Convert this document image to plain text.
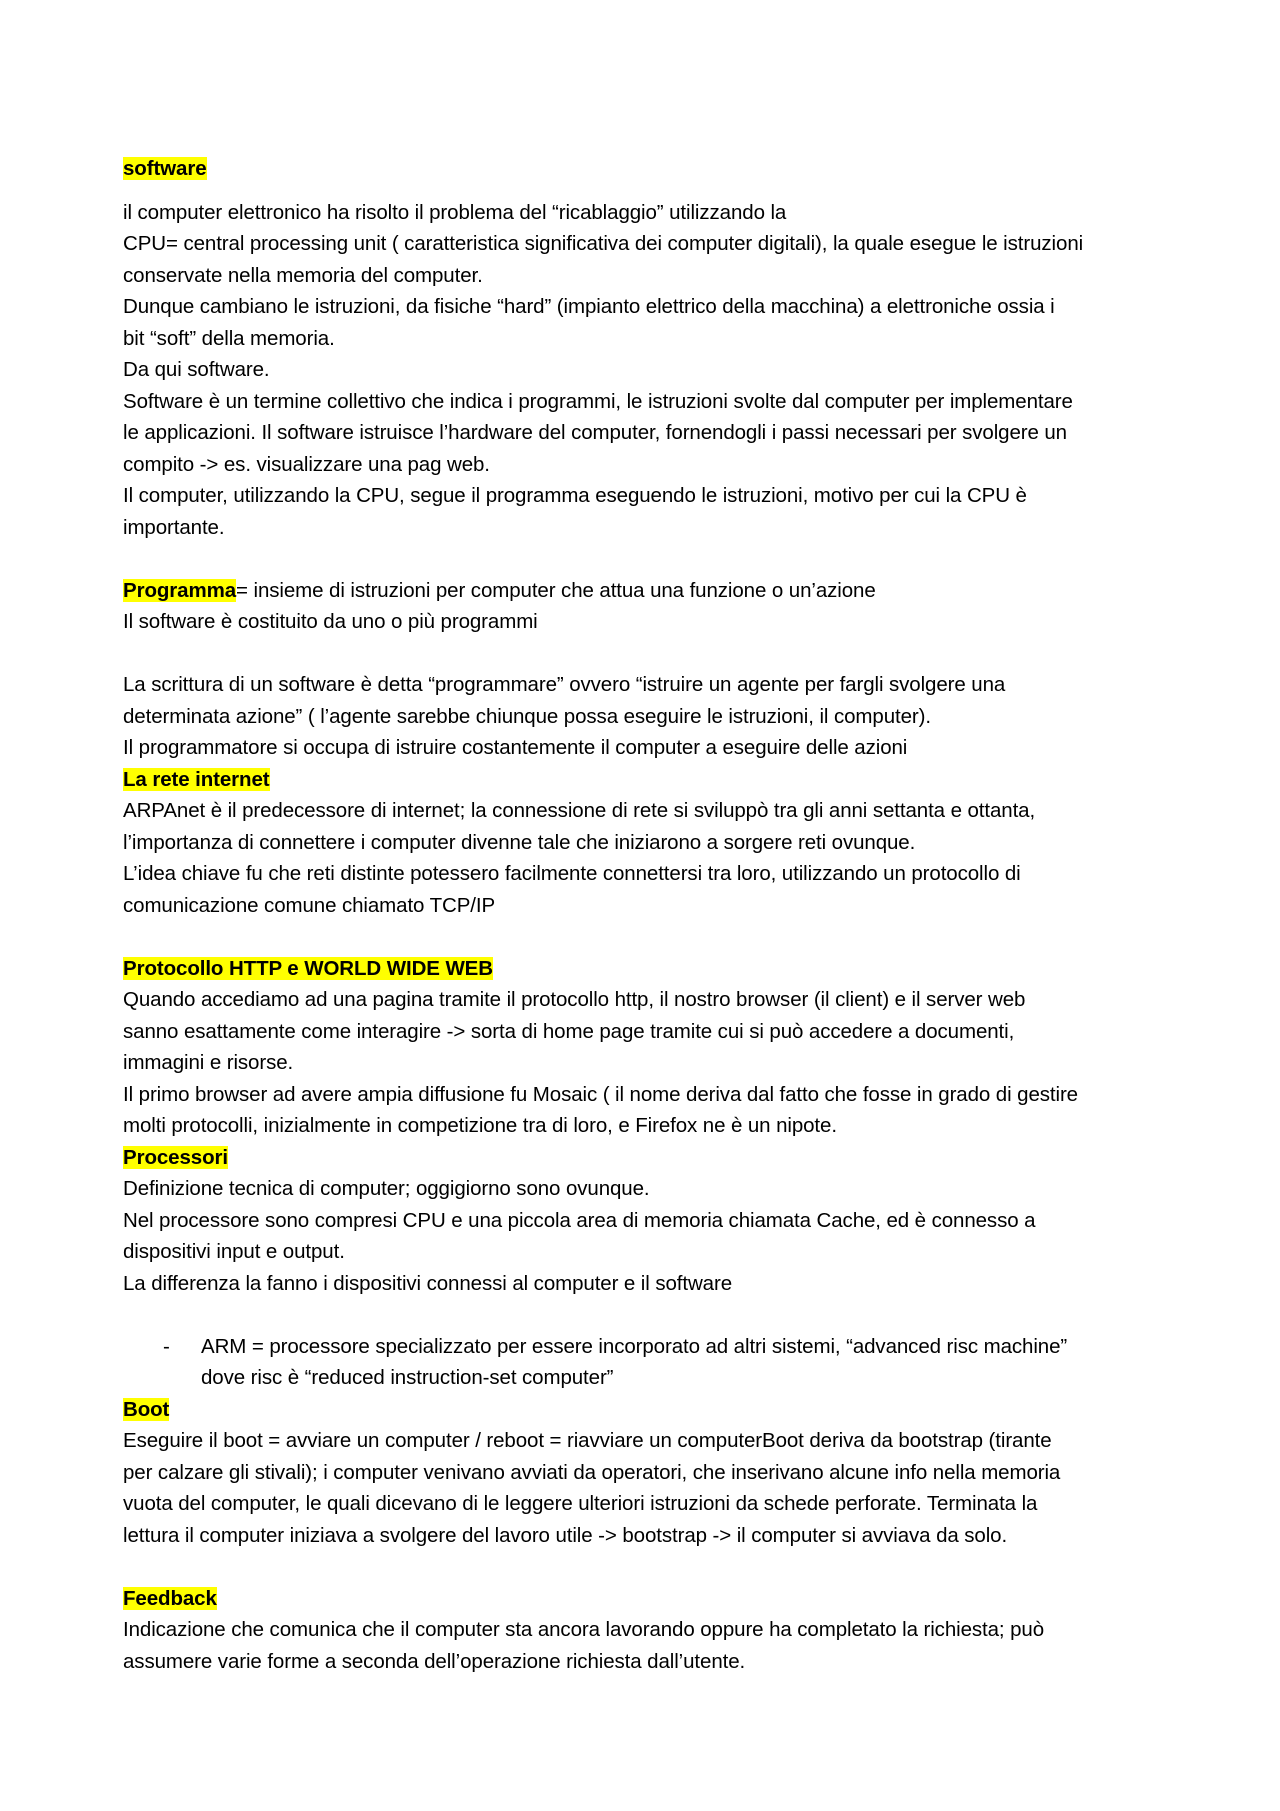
software
il computer elettronico ha risolto il problema del “ricablaggio” utilizzando la
CPU= central processing unit ( caratteristica significativa dei computer digitali), la quale esegue le istruzioni
conservate nella memoria del computer.
Dunque cambiano le istruzioni, da fisiche “hard” (impianto elettrico della macchina) a elettroniche ossia i
bit “soft” della memoria.
Da qui software.
Software è un termine collettivo che indica i programmi, le istruzioni svolte dal computer per implementare
le applicazioni. Il software istruisce l’hardware del computer, fornendogli i passi necessari per svolgere un
compito -> es. visualizzare una pag web.
Il computer, utilizzando la CPU, segue il programma eseguendo le istruzioni, motivo per cui la CPU è
importante.
Programma= insieme di istruzioni per computer che attua una funzione o un’azione
Il software è costituito da uno o più programmi
La scrittura di un software è detta “programmare” ovvero “istruire un agente per fargli svolgere una
determinata azione” ( l’agente sarebbe chiunque possa eseguire le istruzioni, il computer).
Il programmatore si occupa di istruire costantemente il computer a eseguire delle azioni
La rete internet
ARPAnet è il predecessore di internet; la connessione di rete si sviluppò tra gli anni settanta e ottanta,
l’importanza di connettere i computer divenne tale che iniziarono a sorgere reti ovunque.
L’idea chiave fu che reti distinte potessero facilmente connettersi tra loro, utilizzando un protocollo di
comunicazione comune chiamato TCP/IP
Protocollo HTTP e WORLD WIDE WEB
Quando accediamo ad una pagina tramite il protocollo http, il nostro browser (il client) e il server web
sanno esattamente come interagire -> sorta di home page tramite cui si può accedere a documenti,
immagini e risorse.
Il primo browser ad avere ampia diffusione fu Mosaic ( il nome deriva dal fatto che fosse in grado di gestire
molti protocolli, inizialmente in competizione tra di loro, e Firefox ne è un nipote.
Processori
Definizione tecnica di computer; oggigiorno sono ovunque.
Nel processore sono compresi CPU e una piccola area di memoria chiamata Cache, ed è connesso a
dispositivi input e output.
La differenza la fanno i dispositivi connessi al computer e il software
- ARM = processore specializzato per essere incorporato ad altri sistemi, “advanced risc machine”
dove risc è “reduced instruction-set computer”
Boot
Eseguire il boot = avviare un computer / reboot = riavviare un computerBoot deriva da bootstrap (tirante
per calzare gli stivali); i computer venivano avviati da operatori, che inserivano alcune info nella memoria
vuota del computer, le quali dicevano di le leggere ulteriori istruzioni da schede perforate. Terminata la
lettura il computer iniziava a svolgere del lavoro utile -> bootstrap -> il computer si avviava da solo.
Feedback
Indicazione che comunica che il computer sta ancora lavorando oppure ha completato la richiesta; può
assumere varie forme a seconda dell’operazione richiesta dall’utente.
